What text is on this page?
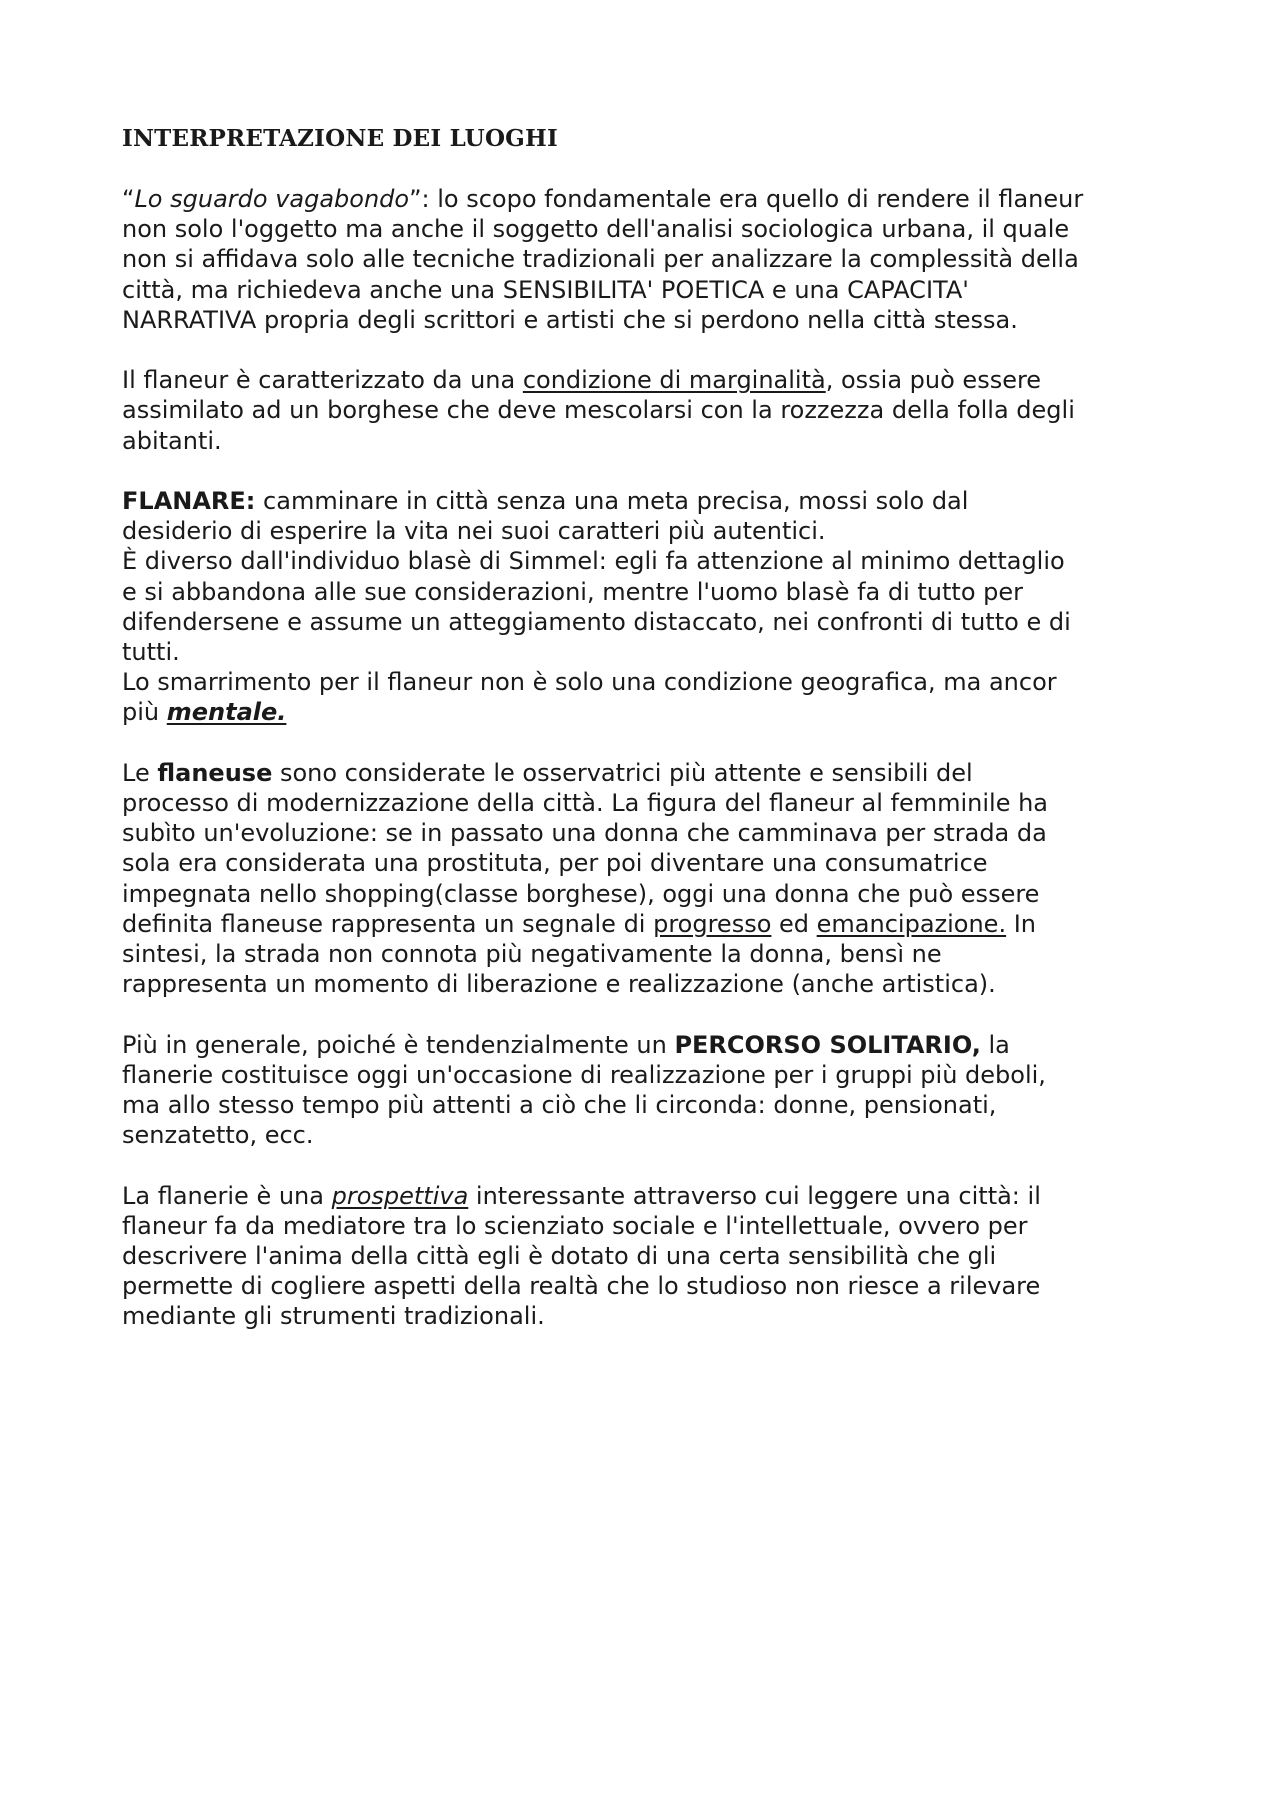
INTERPRETAZIONE DEI LUOGHI

“Lo sguardo vagabondo”: lo scopo fondamentale era quello di rendere il flaneur
non solo l'oggetto ma anche il soggetto dell'analisi sociologica urbana, il quale
non si affidava solo alle tecniche tradizionali per analizzare la complessità della
città, ma richiedeva anche una SENSIBILITA' POETICA e una CAPACITA'
NARRATIVA propria degli scrittori e artisti che si perdono nella città stessa.

Il flaneur è caratterizzato da una condizione di marginalità, ossia può essere
assimilato ad un borghese che deve mescolarsi con la rozzezza della folla degli
abitanti.

FLANARE: camminare in città senza una meta precisa, mossi solo dal
desiderio di esperire la vita nei suoi caratteri più autentici.
È diverso dall'individuo blasè di Simmel: egli fa attenzione al minimo dettaglio
e si abbandona alle sue considerazioni, mentre l'uomo blasè fa di tutto per
difendersene e assume un atteggiamento distaccato, nei confronti di tutto e di
tutti.
Lo smarrimento per il flaneur non è solo una condizione geografica, ma ancor
più mentale.

Le flaneuse sono considerate le osservatrici più attente e sensibili del
processo di modernizzazione della città. La figura del flaneur al femminile ha
subìto un'evoluzione: se in passato una donna che camminava per strada da
sola era considerata una prostituta, per poi diventare una consumatrice
impegnata nello shopping(classe borghese), oggi una donna che può essere
definita flaneuse rappresenta un segnale di progresso ed emancipazione. In
sintesi, la strada non connota più negativamente la donna, bensì ne
rappresenta un momento di liberazione e realizzazione (anche artistica).

Più in generale, poiché è tendenzialmente un PERCORSO SOLITARIO, la
flanerie costituisce oggi un'occasione di realizzazione per i gruppi più deboli,
ma allo stesso tempo più attenti a ciò che li circonda: donne, pensionati,
senzatetto, ecc.

La flanerie è una prospettiva interessante attraverso cui leggere una città: il
flaneur fa da mediatore tra lo scienziato sociale e l'intellettuale, ovvero per
descrivere l'anima della città egli è dotato di una certa sensibilità che gli
permette di cogliere aspetti della realtà che lo studioso non riesce a rilevare
mediante gli strumenti tradizionali.
